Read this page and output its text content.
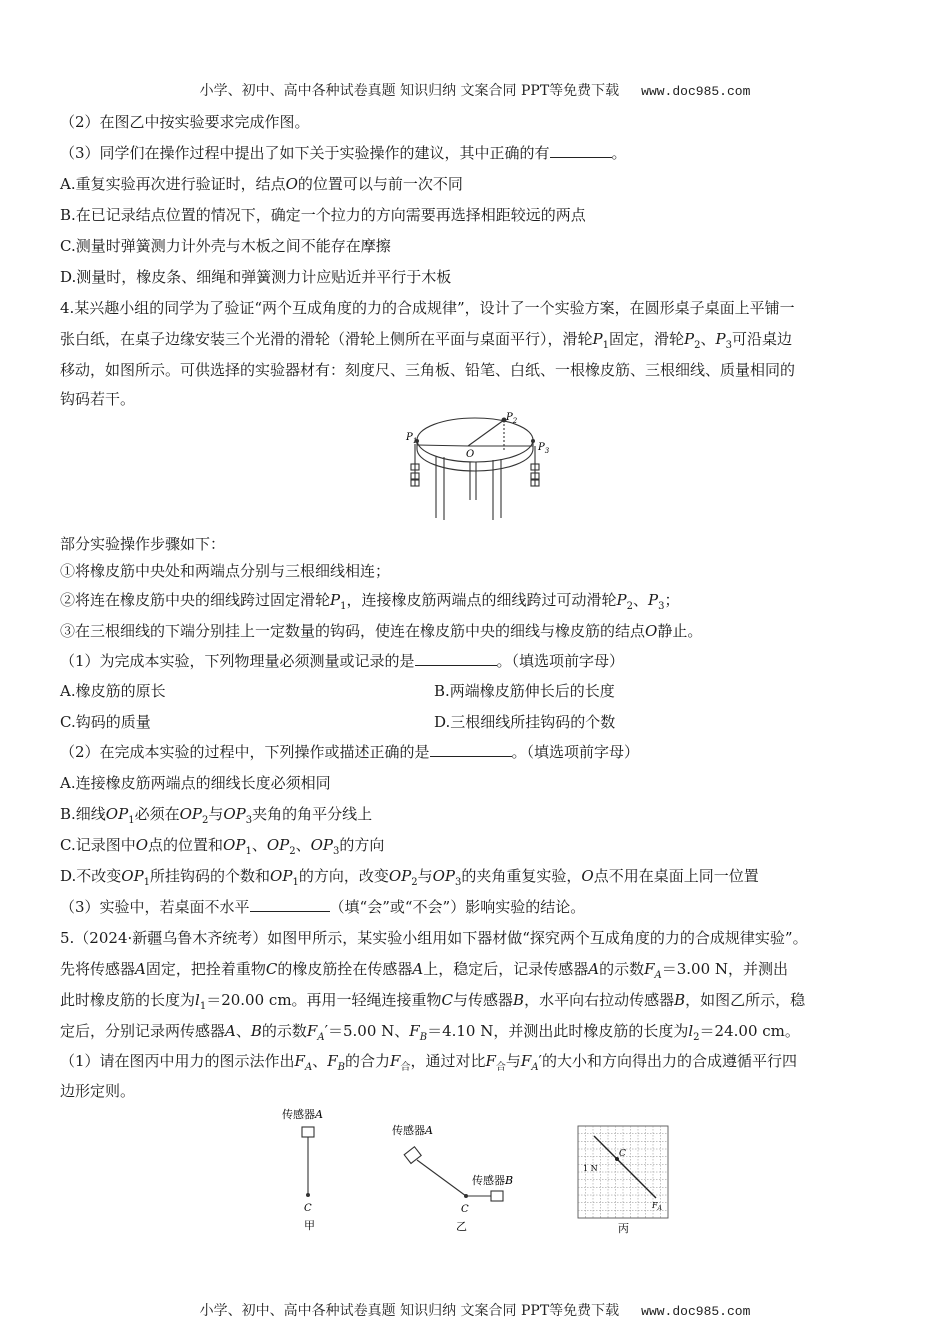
小学、初中、高中各种试卷真题 知识归纳 文案合同 PPT等免费下载 www.doc985.com
（2）在图乙中按实验要求完成作图。
（3）同学们在操作过程中提出了如下关于实验操作的建议，其中正确的有	。
A.重复实验再次进行验证时，结点O的位置可以与前一次不同
B.在已记录结点位置的情况下，确定一个拉力的方向需要再选择相距较远的两点
C.测量时弹簧测力计外壳与木板之间不能存在摩擦
D.测量时，橡皮条、细绳和弹簧测力计应贴近并平行于木板
4.某兴趣小组的同学为了验证“两个互成角度的力的合成规律”，设计了一个实验方案，在圆形桌子桌面上平铺一
张白纸，在桌子边缘安装三个光滑的滑轮（滑轮上侧所在平面与桌面平行），滑轮$P_1$固定，滑轮$P_2$、$P_3$可沿桌边
移动，如图所示。可供选择的实验器材有：刻度尺、三角板、铅笔、白纸、一根橡皮筋、三根细线、质量相同的
钩码若干。
$P_1$
$P_2$
$P_3$
O
部分实验操作步骤如下：
①将橡皮筋中央处和两端点分别与三根细线相连；
②将连在橡皮筋中央的细线跨过固定滑轮$P_1$，连接橡皮筋两端点的细线跨过可动滑轮$P_2$、$P_3$；
③在三根细线的下端分别挂上一定数量的钩码，使连在橡皮筋中央的细线与橡皮筋的结点O静止。
（1）为完成本实验，下列物理量必须测量或记录的是	。（填选项前字母）
A.橡皮筋的原长	B.两端橡皮筋伸长后的长度
C.钩码的质量	D.三根细线所挂钩码的个数
（2）在完成本实验的过程中，下列操作或描述正确的是	。（填选项前字母）
A.连接橡皮筋两端点的细线长度必须相同
B.细线$OP_1$必须在$OP_2$与$OP_3$夹角的角平分线上
C.记录图中O点的位置和$OP_1$、$OP_2$、$OP_3$的方向
D.不改变$OP_1$所挂钩码的个数和$OP_1$的方向，改变$OP_2$与$OP_3$的夹角重复实验，O点不用在桌面上同一位置
（3）实验中，若桌面不水平	（填“会”或“不会”）影响实验的结论。
5.（2024·新疆乌鲁木齐统考）如图甲所示，某实验小组用如下器材做“探究两个互成角度的力的合成规律实验”。
先将传感器A固定，把拴着重物C的橡皮筋拴在传感器A上，稳定后，记录传感器A的示数$F_A=3.00$ N，并测出
此时橡皮筋的长度为$l_1=20.00$ cm。再用一轻绳连接重物C与传感器B，水平向右拉动传感器B，如图乙所示，稳
定后，分别记录两传感器A、B的示数$F_A'=5.00$ N、$F_B=4.10$ N，并测出此时橡皮筋的长度为$l_2=24.00$ cm。
（1）请在图丙中用力的图示法作出$F_A$、$F_B$的合力$F_合$，通过对比$F_合$与$F_A'$的大小和方向得出力的合成遵循平行四
边形定则。
传感器A
C
甲
传感器A
传感器B
C
乙
C
1 N
$F_A$
丙
小学、初中、高中各种试卷真题 知识归纳 文案合同 PPT等免费下载 www.doc985.com
